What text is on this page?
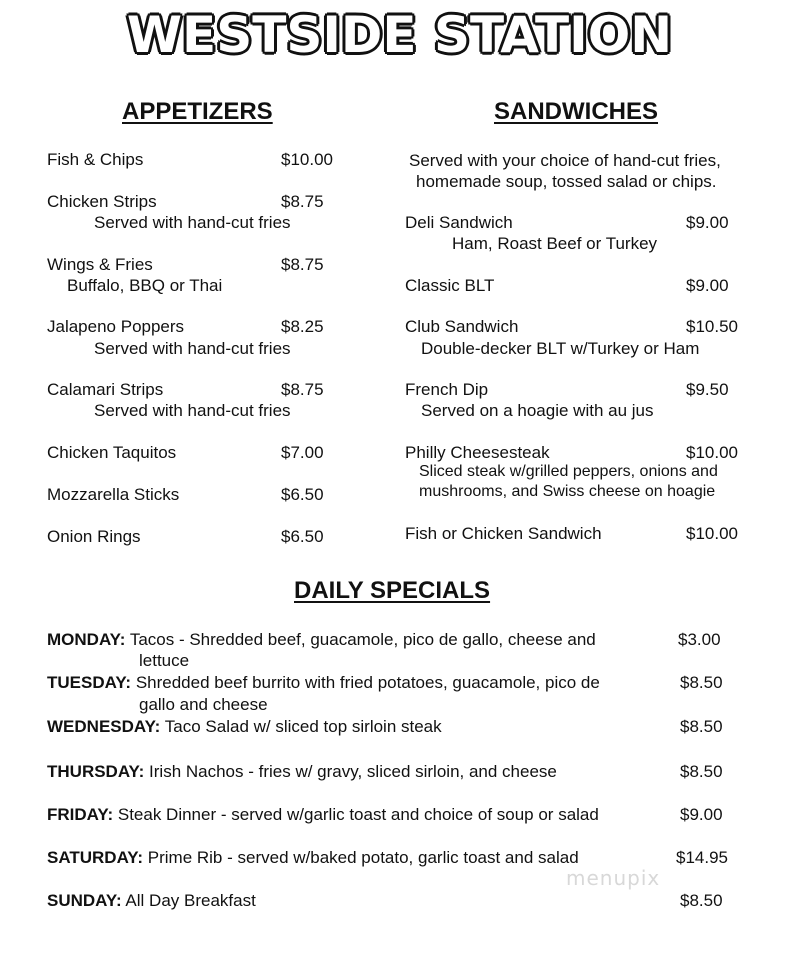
WESTSIDE STATION
APPETIZERS
Fish & Chips	$10.00
Chicken Strips	$8.75
Served with hand-cut fries
Wings & Fries	$8.75
Buffalo, BBQ or Thai
Jalapeno Poppers	$8.25
Served with hand-cut fries
Calamari Strips	$8.75
Served with hand-cut fries
Chicken Taquitos	$7.00
Mozzarella Sticks	$6.50
Onion Rings	$6.50
SANDWICHES
Served with your choice of hand-cut fries,
homemade soup, tossed salad or chips.
Deli Sandwich	$9.00
Ham, Roast Beef or Turkey
Classic BLT	$9.00
Club Sandwich	$10.50
Double-decker BLT w/Turkey or Ham
French Dip	$9.50
Served on a hoagie with au jus
Philly Cheesesteak	$10.00
Sliced steak w/grilled peppers, onions and
mushrooms, and Swiss cheese on hoagie
Fish or Chicken Sandwich	$10.00
DAILY SPECIALS
MONDAY: Tacos - Shredded beef, guacamole, pico de gallo, cheese and
lettuce
$3.00
TUESDAY: Shredded beef burrito with fried potatoes, guacamole, pico de
gallo and cheese
$8.50
WEDNESDAY: Taco Salad w/ sliced top sirloin steak	$8.50
THURSDAY: Irish Nachos - fries w/ gravy, sliced sirloin, and cheese	$8.50
FRIDAY: Steak Dinner - served w/garlic toast and choice of soup or salad	$9.00
SATURDAY: Prime Rib - served w/baked potato, garlic toast and salad	$14.95
SUNDAY: All Day Breakfast	$8.50
menupix
